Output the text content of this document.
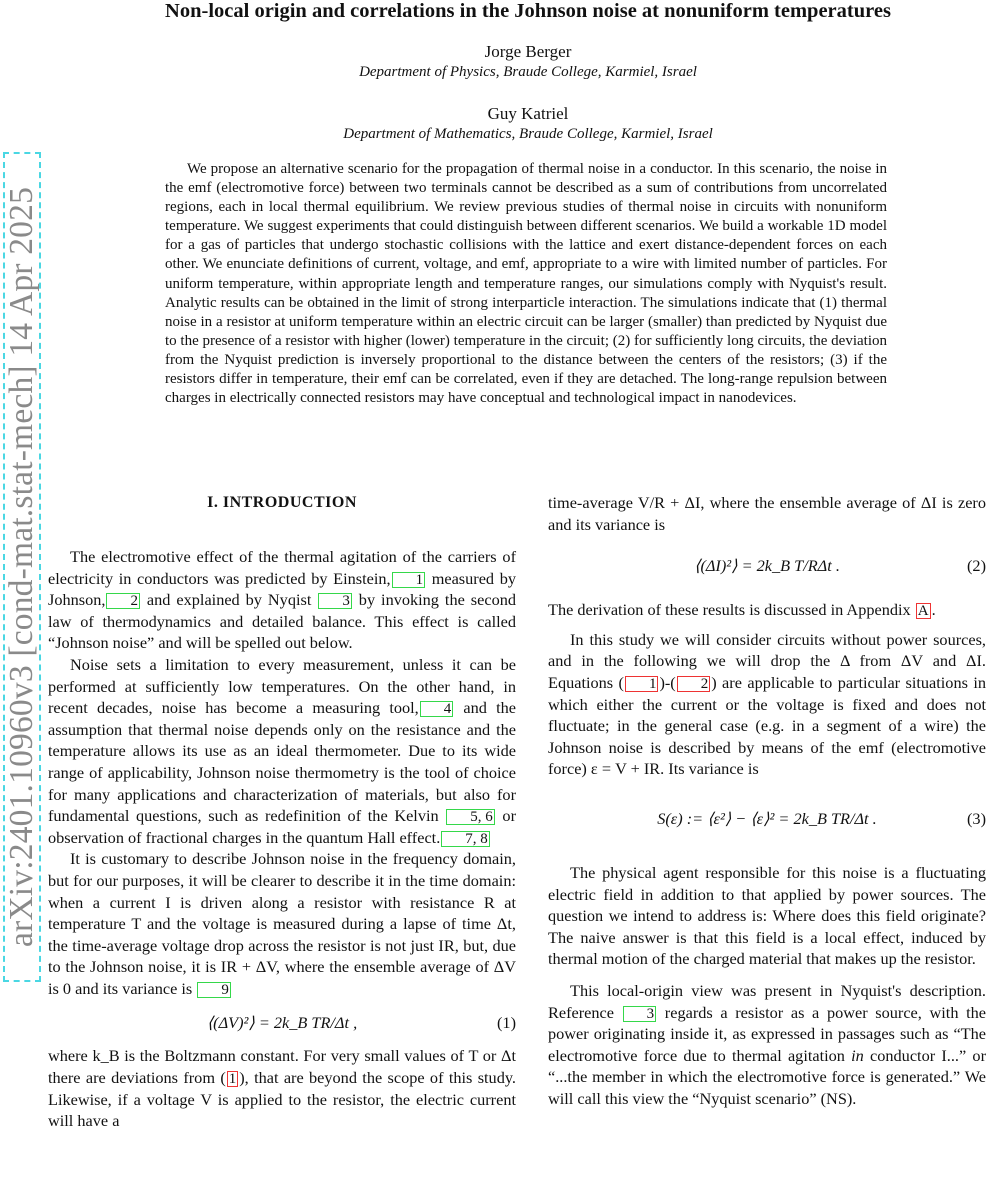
arXiv:2401.10960v3 [cond-mat.stat-mech] 14 Apr 2025
Non-local origin and correlations in the Johnson noise at nonuniform temperatures
Jorge Berger
Department of Physics, Braude College, Karmiel, Israel
Guy Katriel
Department of Mathematics, Braude College, Karmiel, Israel

We propose an alternative scenario for the propagation of thermal noise in a conductor. In this scenario, the noise in the emf (electromotive force) between two terminals cannot be described as a sum of contributions from uncorrelated regions, each in local thermal equilibrium. We review previous studies of thermal noise in circuits with nonuniform temperature. We suggest experiments that could distinguish between different scenarios. We build a workable 1D model for a gas of particles that undergo stochastic collisions with the lattice and exert distance-dependent forces on each other. We enunciate definitions of current, voltage, and emf, appropriate to a wire with limited number of particles. For uniform temperature, within appropriate length and temperature ranges, our simulations comply with Nyquist's result. Analytic results can be obtained in the limit of strong interparticle interaction. The simulations indicate that (1) thermal noise in a resistor at uniform temperature within an electric circuit can be larger (smaller) than predicted by Nyquist due to the presence of a resistor with higher (lower) temperature in the circuit; (2) for sufficiently long circuits, the deviation from the Nyquist prediction is inversely proportional to the distance between the centers of the resistors; (3) if the resistors differ in temperature, their emf can be correlated, even if they are detached. The long-range repulsion between charges in electrically connected resistors may have conceptual and technological impact in nanodevices.

I. INTRODUCTION

The electromotive effect of the thermal agitation of the carriers of electricity in conductors was predicted by Einstein, 1 measured by Johnson, 2 and explained by Nyqist 3 by invoking the second law of thermodynamics and detailed balance. This effect is called “Johnson noise” and will be spelled out below.

Noise sets a limitation to every measurement, unless it can be performed at sufficiently low temperatures. On the other hand, in recent decades, noise has become a measuring tool, 4 and the assumption that thermal noise depends only on the resistance and the temperature allows its use as an ideal thermometer. Due to its wide range of applicability, Johnson noise thermometry is the tool of choice for many applications and characterization of materials, but also for fundamental questions, such as redefinition of the Kelvin 5, 6 or observation of fractional charges in the quantum Hall effect. 7, 8

It is customary to describe Johnson noise in the frequency domain, but for our purposes, it will be clearer to describe it in the time domain: when a current I is driven along a resistor with resistance R at temperature T and the voltage is measured during a lapse of time Δt, the time-average voltage drop across the resistor is not just IR, but, due to the Johnson noise, it is IR + ΔV, where the ensemble average of ΔV is 0 and its variance is 9

⟨(ΔV)²⟩ = 2k_B TR/Δt ,	(1)

where k_B is the Boltzmann constant. For very small values of T or Δt there are deviations from ( 1 ), that are beyond the scope of this study. Likewise, if a voltage V is applied to the resistor, the electric current will have a

time-average V/R + ΔI, where the ensemble average of ΔI is zero and its variance is

⟨(ΔI)²⟩ = 2k_B T/RΔt .	(2)

The derivation of these results is discussed in Appendix A .

In this study we will consider circuits without power sources, and in the following we will drop the Δ from ΔV and ΔI. Equations ( 1 )-( 2 ) are applicable to particular situations in which either the current or the voltage is fixed and does not fluctuate; in the general case (e.g. in a segment of a wire) the Johnson noise is described by means of the emf (electromotive force) ε = V + IR. Its variance is

S(ε) := ⟨ε²⟩ − ⟨ε⟩² = 2k_B TR/Δt .	(3)

The physical agent responsible for this noise is a fluctuating electric field in addition to that applied by power sources. The question we intend to address is: Where does this field originate? The naive answer is that this field is a local effect, induced by thermal motion of the charged material that makes up the resistor.

This local-origin view was present in Nyquist's description. Reference 3 regards a resistor as a power source, with the power originating inside it, as expressed in passages such as “The electromotive force due to thermal agitation in conductor I...” or “...the member in which the electromotive force is generated.” We will call this view the “Nyquist scenario” (NS).
